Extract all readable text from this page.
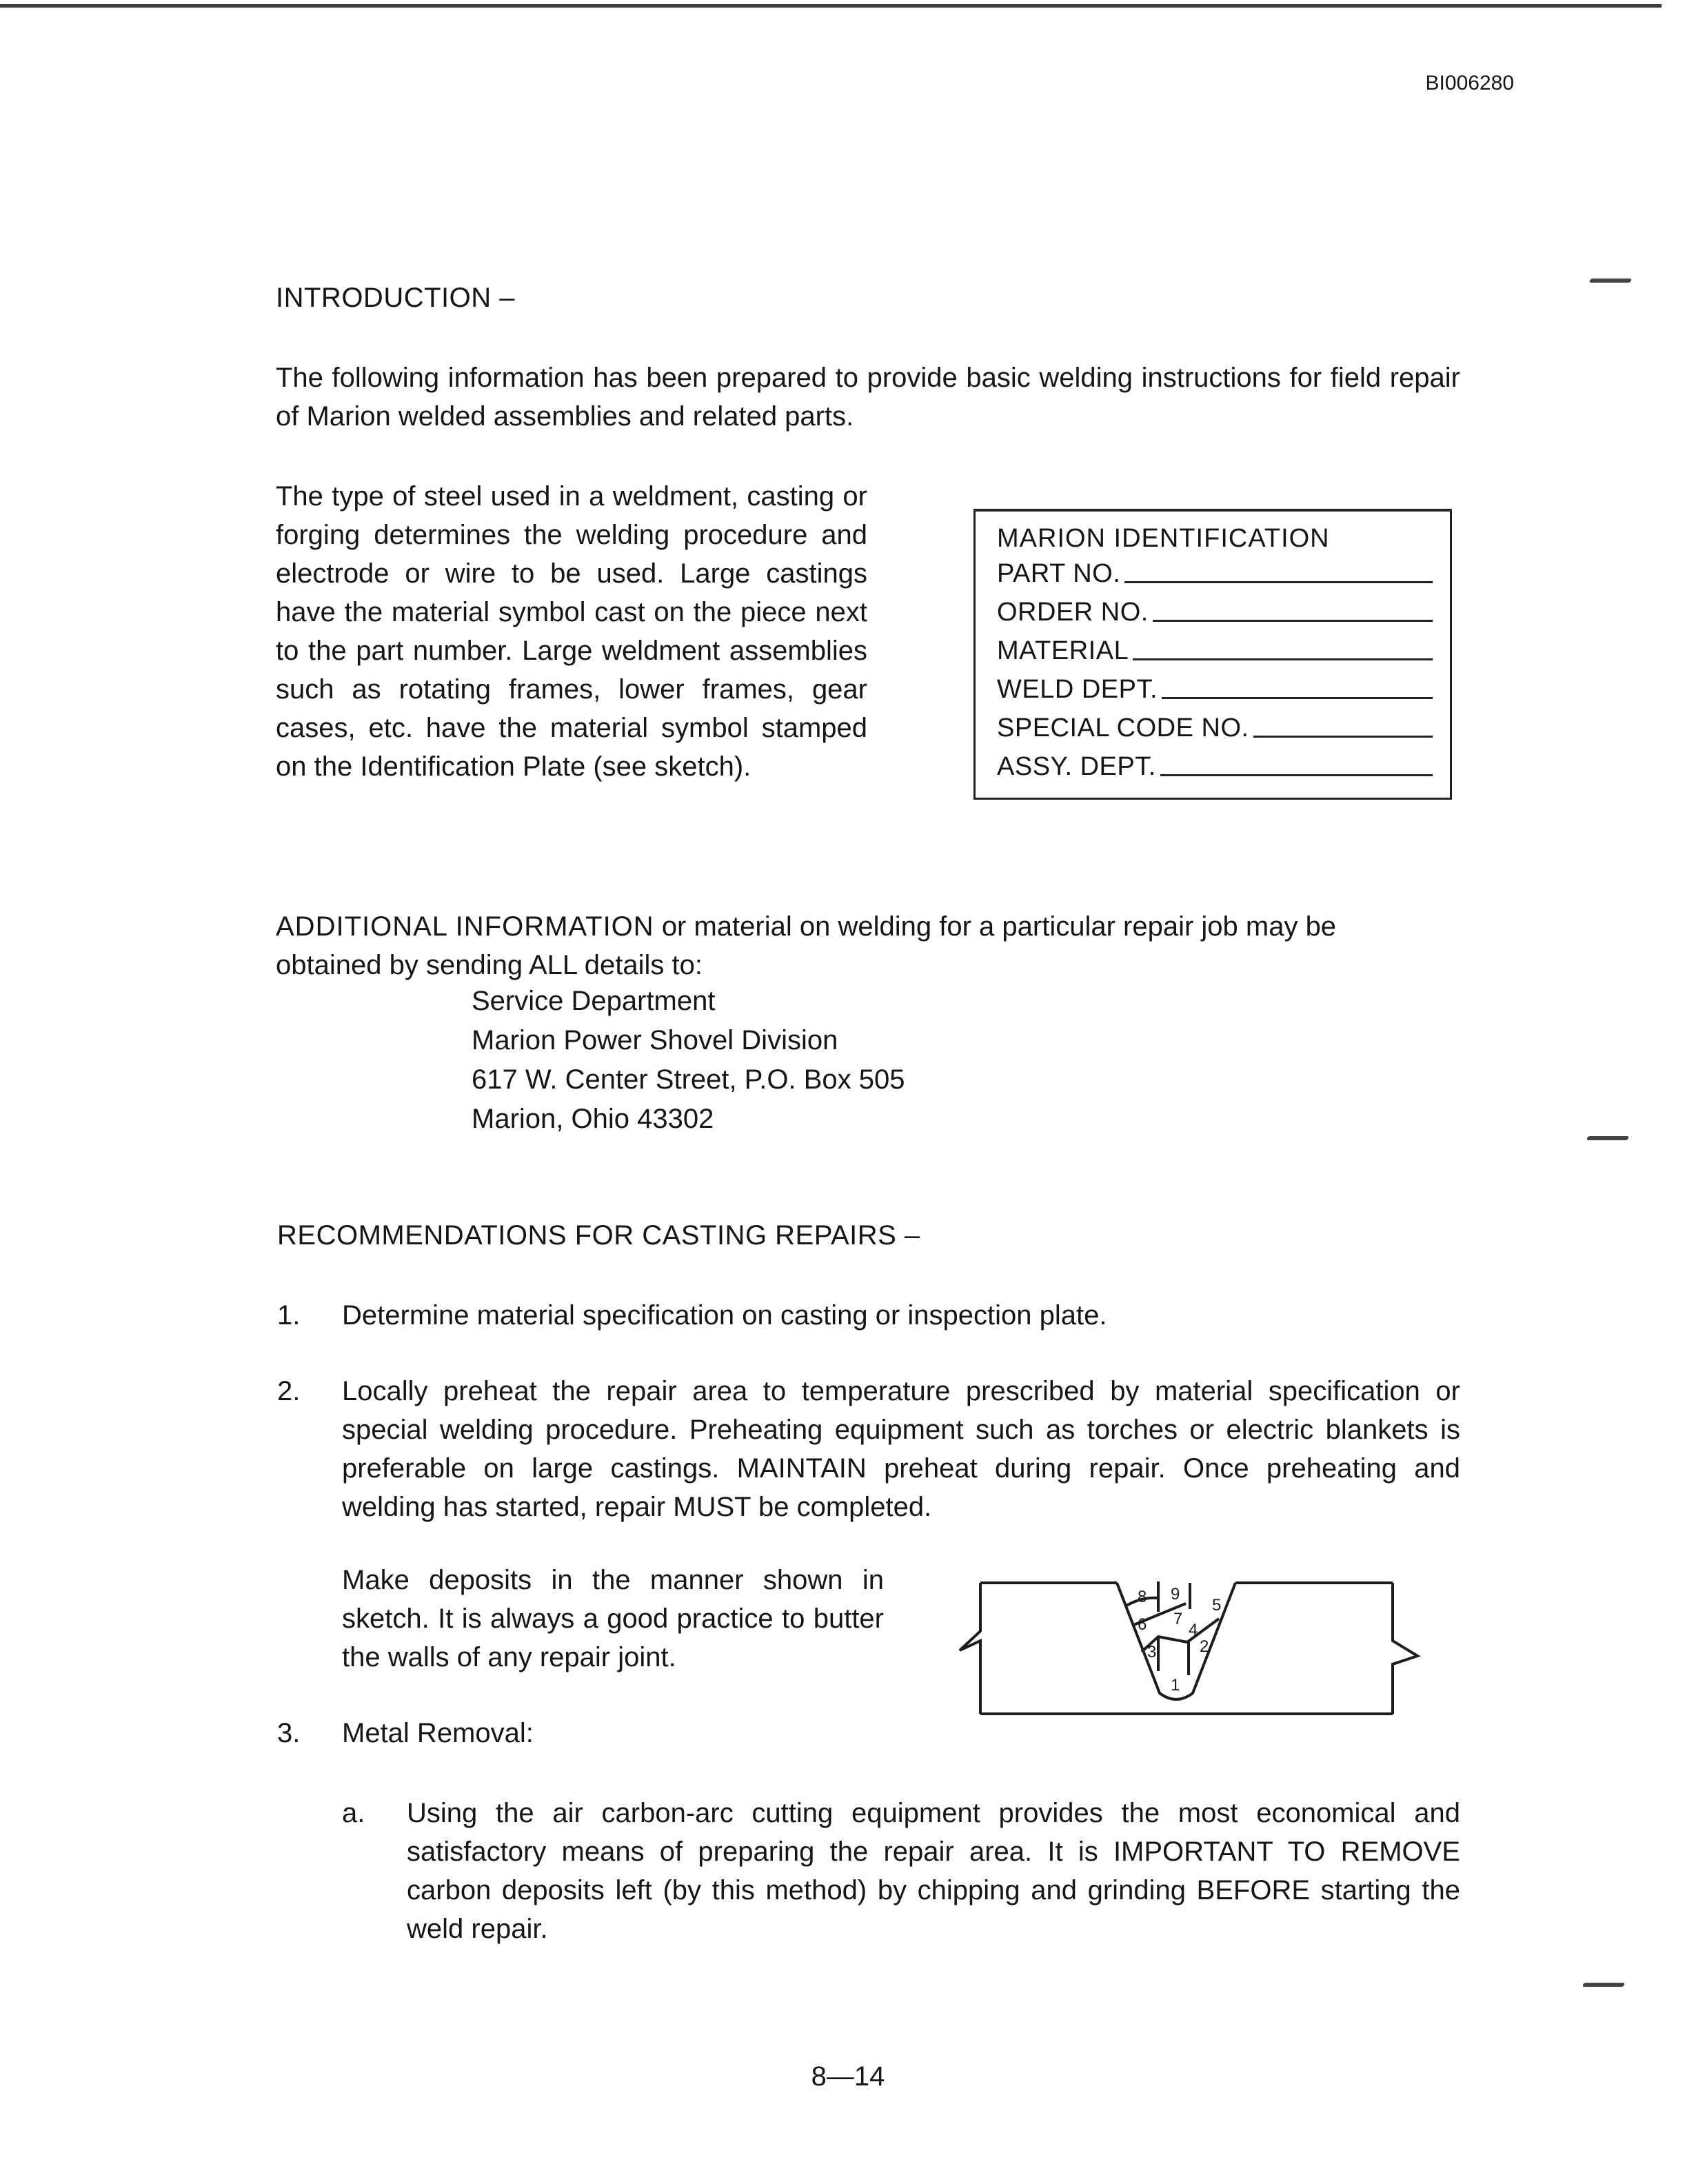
BI006280
INTRODUCTION –
The following information has been prepared to provide basic welding instructions for field repair of Marion welded assemblies and related parts.
The type of steel used in a weldment, casting or forging determines the welding procedure and electrode or wire to be used. Large castings have the material symbol cast on the piece next to the part number. Large weldment assemblies such as rotating frames, lower frames, gear cases, etc. have the material symbol stamped on the Identification Plate (see sketch).
MARION IDENTIFICATION
PART NO.
ORDER NO.
MATERIAL
WELD DEPT.
SPECIAL CODE NO.
ASSY. DEPT.
ADDITIONAL INFORMATION or material on welding for a particular repair job may be
obtained by sending ALL details to:
Service Department
Marion Power Shovel Division
617 W. Center Street, P.O. Box 505
Marion, Ohio 43302
RECOMMENDATIONS FOR CASTING REPAIRS –
1. Determine material specification on casting or inspection plate.
2. Locally preheat the repair area to temperature prescribed by material specification or special welding procedure. Preheating equipment such as torches or electric blankets is preferable on large castings. MAINTAIN preheat during repair. Once preheating and welding has started, repair MUST be completed.
Make deposits in the manner shown in sketch. It is always a good practice to butter the walls of any repair joint.
1
2
3
4
5
6 7
8 9
3. Metal Removal:
a. Using the air carbon-arc cutting equipment provides the most economical and satisfactory means of preparing the repair area. It is IMPORTANT TO REMOVE carbon deposits left (by this method) by chipping and grinding BEFORE starting the weld repair.
8—14
